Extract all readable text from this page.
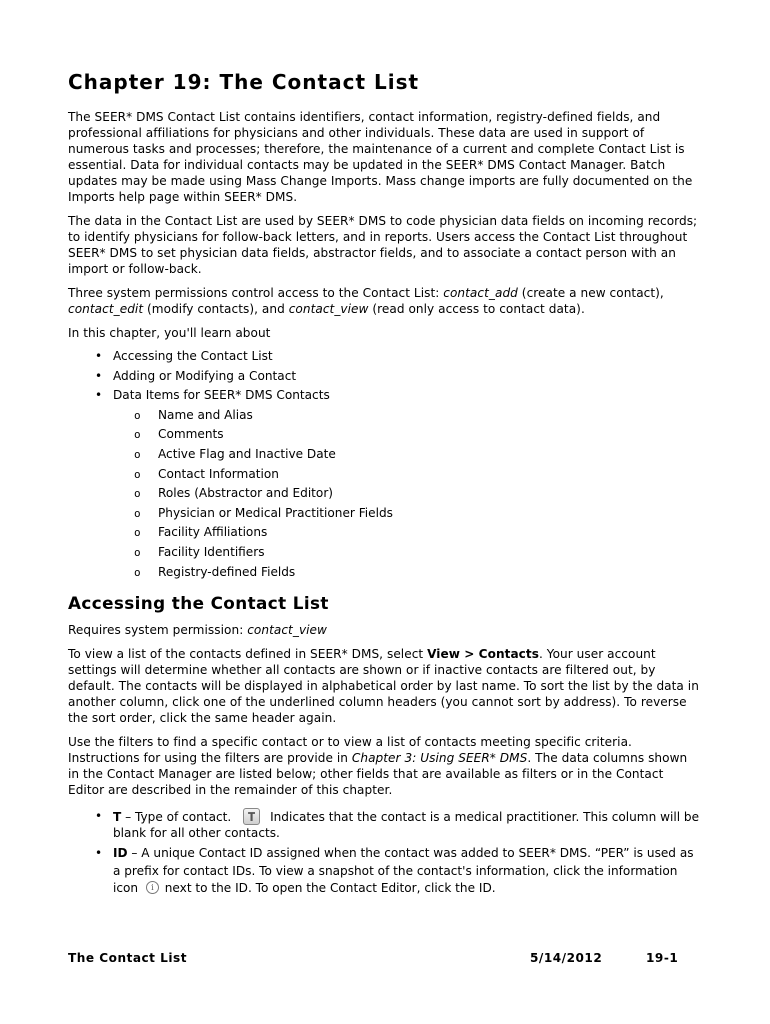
Chapter 19: The Contact List

The SEER* DMS Contact List contains identifiers, contact information, registry-defined fields, and professional affiliations for physicians and other individuals. These data are used in support of numerous tasks and processes; therefore, the maintenance of a current and complete Contact List is essential. Data for individual contacts may be updated in the SEER* DMS Contact Manager. Batch updates may be made using Mass Change Imports. Mass change imports are fully documented on the Imports help page within SEER* DMS.

The data in the Contact List are used by SEER* DMS to code physician data fields on incoming records; to identify physicians for follow-back letters, and in reports. Users access the Contact List throughout SEER* DMS to set physician data fields, abstractor fields, and to associate a contact person with an import or follow-back.

Three system permissions control access to the Contact List: contact_add (create a new contact), contact_edit (modify contacts), and contact_view (read only access to contact data).

In this chapter, you'll learn about

• Accessing the Contact List
• Adding or Modifying a Contact
• Data Items for SEER* DMS Contacts
o Name and Alias
o Comments
o Active Flag and Inactive Date
o Contact Information
o Roles (Abstractor and Editor)
o Physician or Medical Practitioner Fields
o Facility Affiliations
o Facility Identifiers
o Registry-defined Fields
Accessing the Contact List

Requires system permission: contact_view

To view a list of the contacts defined in SEER* DMS, select View > Contacts. Your user account settings will determine whether all contacts are shown or if inactive contacts are filtered out, by default. The contacts will be displayed in alphabetical order by last name. To sort the list by the data in another column, click one of the underlined column headers (you cannot sort by address). To reverse the sort order, click the same header again.

Use the filters to find a specific contact or to view a list of contacts meeting specific criteria. Instructions for using the filters are provide in Chapter 3: Using SEER* DMS. The data columns shown in the Contact Manager are listed below; other fields that are available as filters or in the Contact Editor are described in the remainder of this chapter.

• T – Type of contact.	Indicates that the contact is a medical practitioner. This column will be blank for all other contacts.
• ID – A unique Contact ID assigned when the contact was added to SEER* DMS. “PER” is used as a prefix for contact IDs. To view a snapshot of the contact's information, click the information icon i next to the ID. To open the Contact Editor, click the ID.
The Contact List	5/14/2012	19-1
